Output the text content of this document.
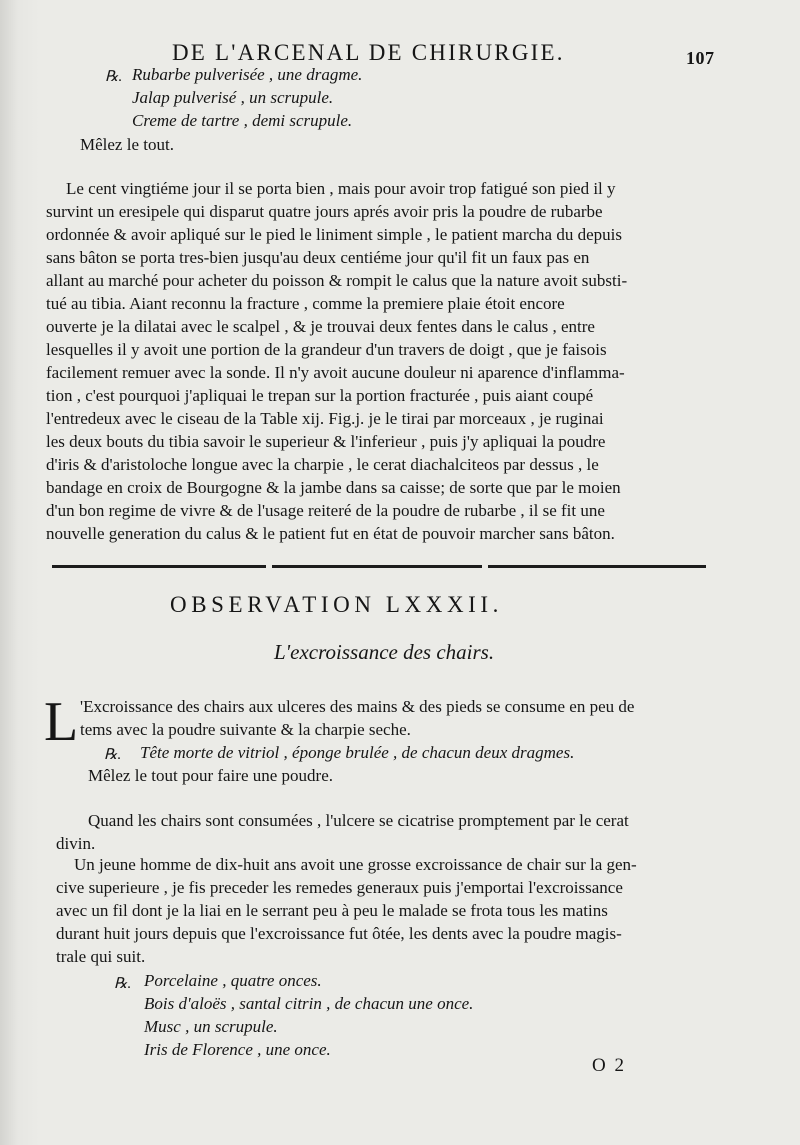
DE L'ARCENAL DE CHIRURGIE.	107
℞. Rubarbe pulverisée , une dragme.
Jalap pulverisé , un scrupule.
Creme de tartre , demi scrupule.
Mêlez le tout.
Le cent vingtiéme jour il se porta bien , mais pour avoir trop fatigué son pied il y
survint un eresipele qui disparut quatre jours aprés avoir pris la poudre de rubarbe
ordonnée & avoir apliqué sur le pied le liniment simple , le patient marcha du depuis
sans bâton se porta tres-bien jusqu'au deux centiéme jour qu'il fit un faux pas en
allant au marché pour acheter du poisson & rompit le calus que la nature avoit substi-
tué au tibia. Aiant reconnu la fracture , comme la premiere plaie étoit encore
ouverte je la dilatai avec le scalpel , & je trouvai deux fentes dans le calus , entre
lesquelles il y avoit une portion de la grandeur d'un travers de doigt , que je faisois
facilement remuer avec la sonde. Il n'y avoit aucune douleur ni aparence d'inflamma-
tion , c'est pourquoi j'apliquai le trepan sur la portion fracturée , puis aiant coupé
l'entredeux avec le ciseau de la Table xij. Fig.j. je le tirai par morceaux , je ruginai
les deux bouts du tibia savoir le superieur & l'inferieur , puis j'y apliquai la poudre
d'iris & d'aristoloche longue avec la charpie , le cerat diachalciteos par dessus , le
bandage en croix de Bourgogne & la jambe dans sa caisse; de sorte que par le moien
d'un bon regime de vivre & de l'usage reiteré de la poudre de rubarbe , il se fit une
nouvelle generation du calus & le patient fut en état de pouvoir marcher sans bâton.
OBSERVATION LXXXII.
L'excroissance des chairs.
L 'Excroissance des chairs aux ulceres des mains & des pieds se consume en peu de
tems avec la poudre suivante & la charpie seche.
℞. Tête morte de vitriol , éponge brulée , de chacun deux dragmes.
Mêlez le tout pour faire une poudre.
Quand les chairs sont consumées , l'ulcere se cicatrise promptement par le cerat
divin.
Un jeune homme de dix-huit ans avoit une grosse excroissance de chair sur la gen-
cive superieure , je fis preceder les remedes generaux puis j'emportai l'excroissance
avec un fil dont je la liai en le serrant peu à peu le malade se frota tous les matins
durant huit jours depuis que l'excroissance fut ôtée, les dents avec la poudre magis-
trale qui suit.
℞. Porcelaine , quatre onces.
Bois d'aloës , santal citrin , de chacun une once.
Musc , un scrupule.
Iris de Florence , une once.
O 2
